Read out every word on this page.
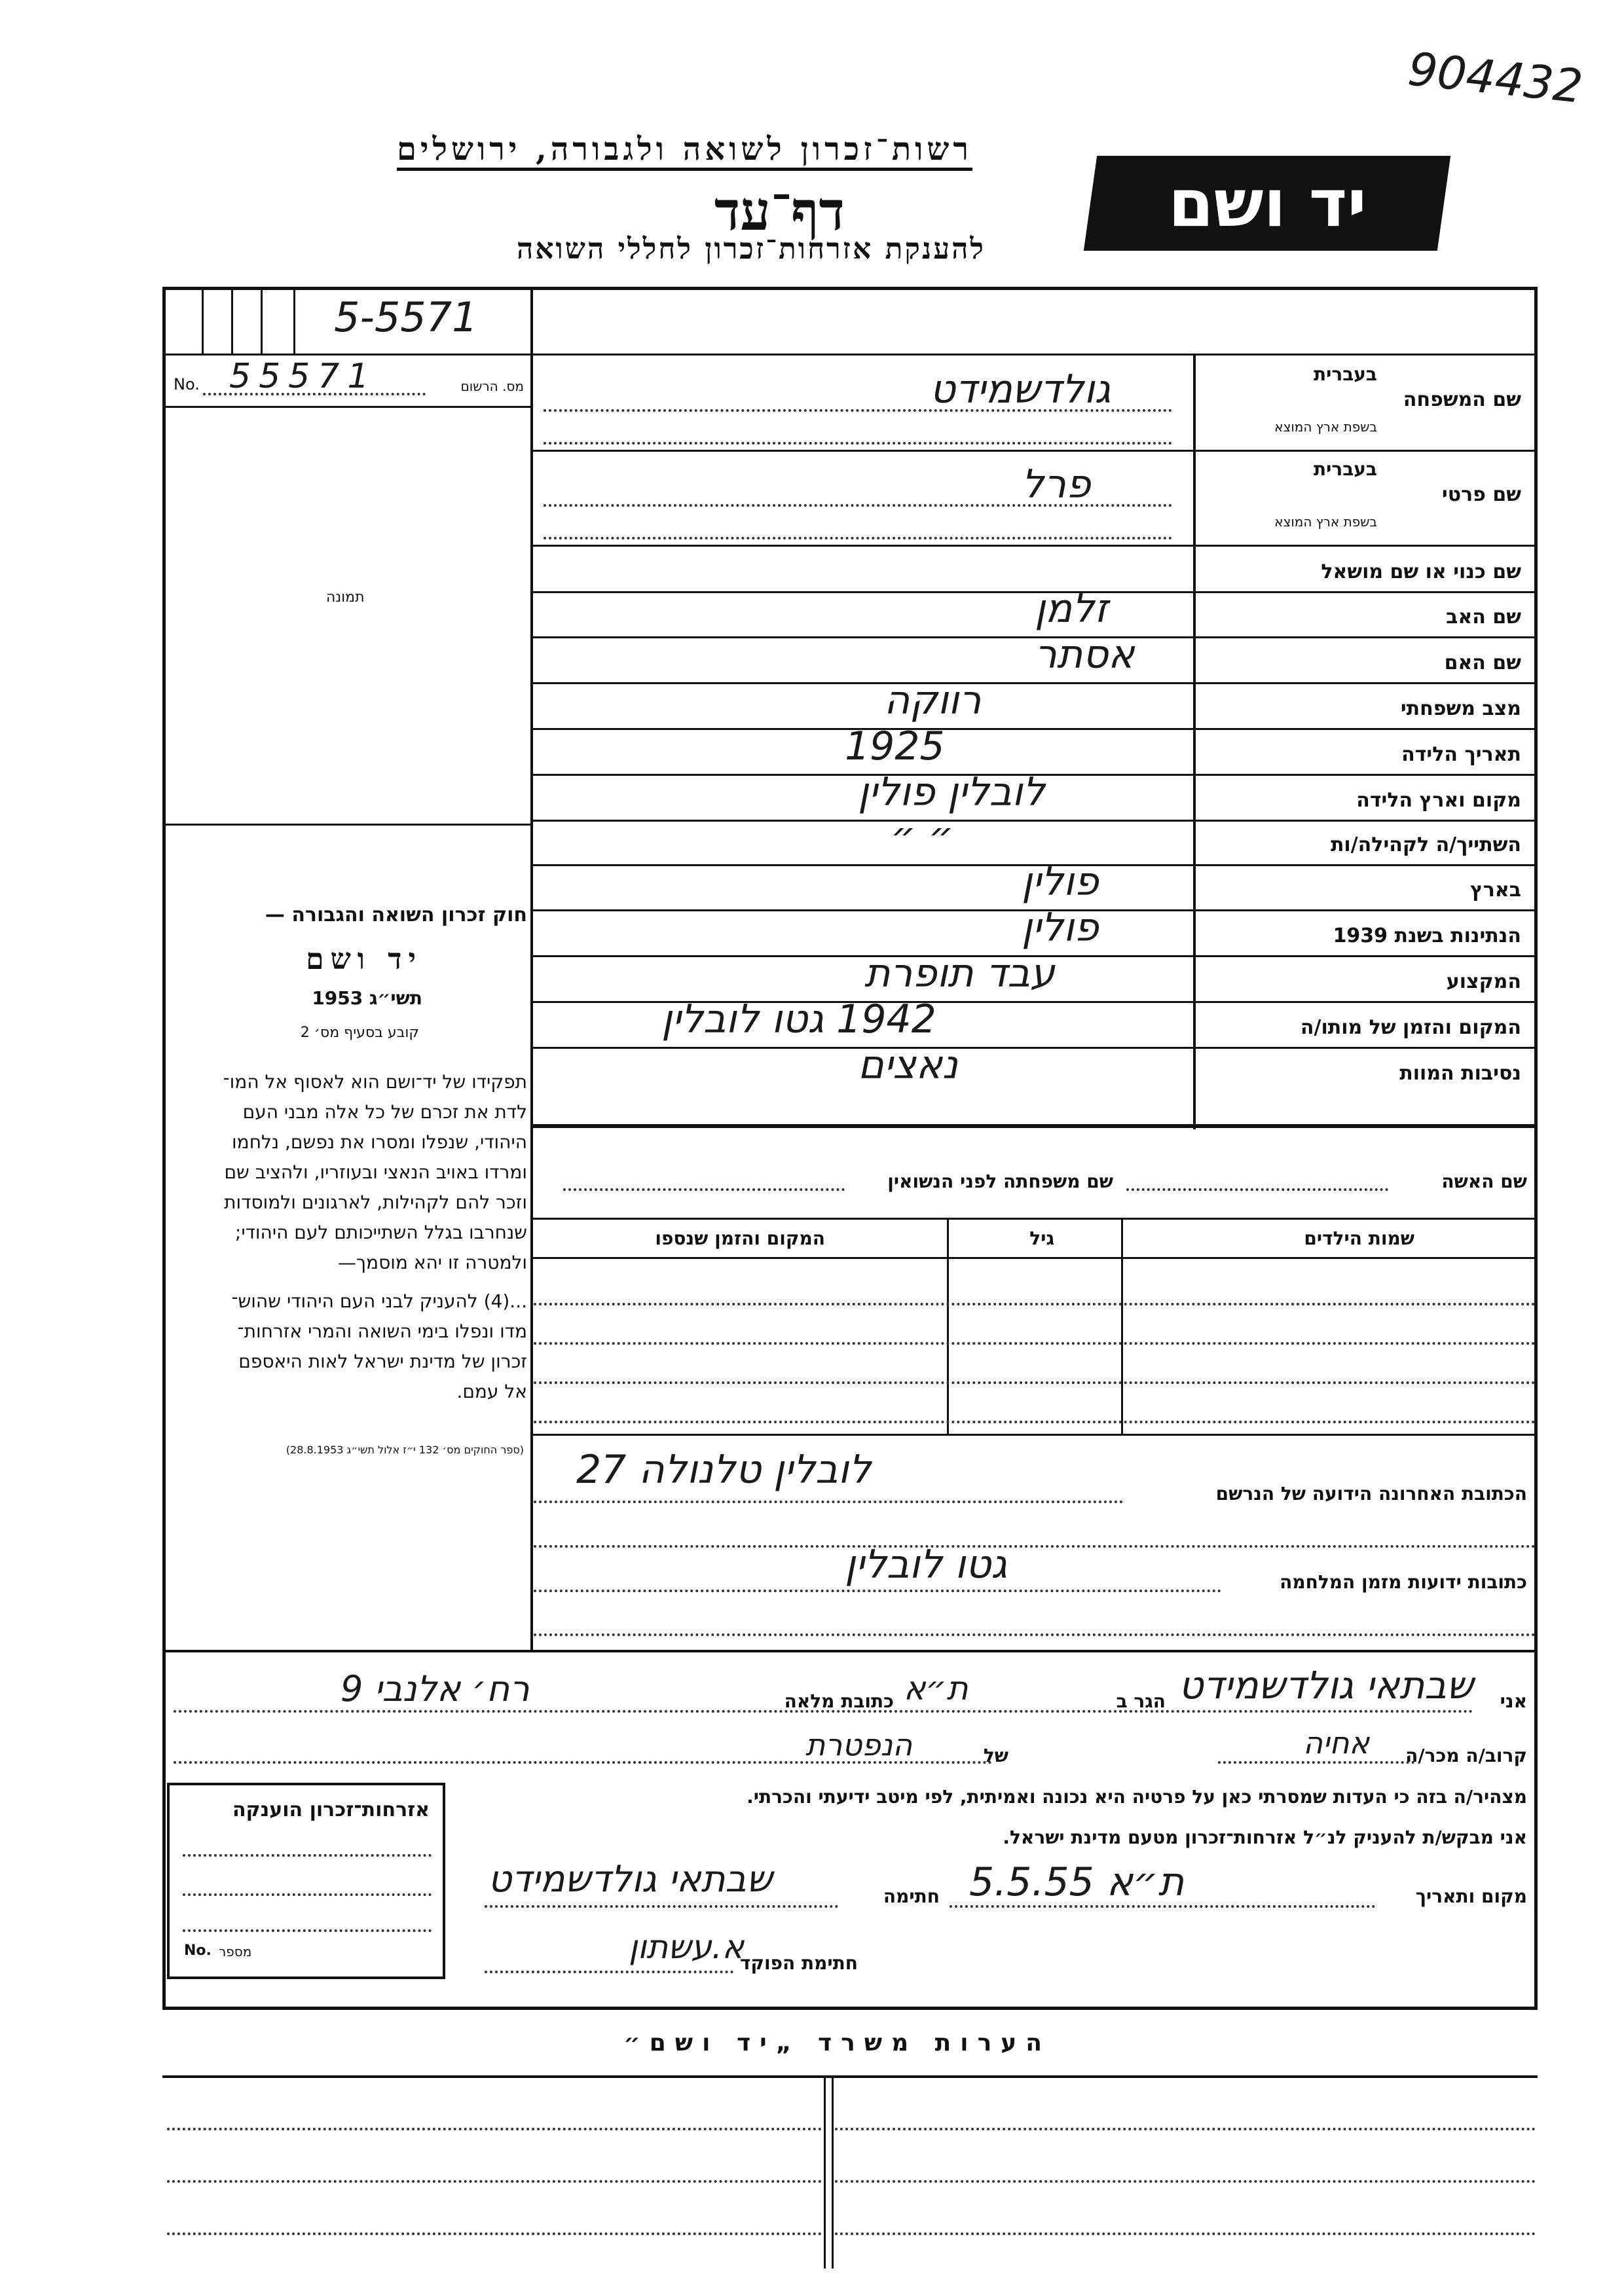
904432
רשות־זכרון לשואה ולגבורה, ירושלים
דף־עד
להענקת אזרחות־זכרון לחללי השואה
יד ושם
5-5571
No. 55571	מס. הרשום
תמונה
חוק זכרון השואה והגבורה —
יד ושם
תשי״ג 1953
קובע בסעיף מס׳ 2
תפקידו של יד־ושם הוא לאסוף אל המו־
לדת את זכרם של כל אלה מבני העם
היהודי, שנפלו ומסרו את נפשם, נלחמו
ומרדו באויב הנאצי ובעוזריו, ולהציב שם
וזכר להם לקהילות, לארגונים ולמוסדות
שנחרבו בגלל השתייכותם לעם היהודי;
ולמטרה זו יהא מוסמך—
...(4) להעניק לבני העם היהודי שהוש־
מדו ונפלו בימי השואה והמרי אזרחות־
זכרון של מדינת ישראל לאות היאספם
אל עמם.
(ספר החוקים מס׳ 132 י״ז אלול תשי״ג 28.8.1953)
שם המשפחה
בעברית
בשפת ארץ המוצא
גולדשמידט
שם פרטי
בעברית
בשפת ארץ המוצא
פרל
שם כנוי או שם מושאל
שם האב
זלמן
שם האם
אסתר
מצב משפחתי
רווקה
תאריך הלידה
1925
מקום וארץ הלידה
לובלין פולין
השתייך/ה לקהילה/ות
״ ״
בארץ
פולין
הנתינות בשנת 1939
פולין
המקצוע
עבד תופרת
המקום והזמן של מותו/ה
1942 גטו לובלין
נסיבות המוות
נאצים
שם האשה
שם משפחתה לפני הנשואין
שמות הילדים
גיל
המקום והזמן שנספו
הכתובת האחרונה הידועה של הנרשם
לובלין טלנולה 27
כתובות ידועות מזמן המלחמה
גטו לובלין
אני
שבתאי גולדשמידט
הגר ב
ת״א
כתובת מלאה
רח׳ אלנבי 9
קרוב/ה מכר/ה
אחיה
של
הנפטרת
מצהיר/ה בזה כי העדות שמסרתי כאן על פרטיה היא נכונה ואמיתית, לפי מיטב ידיעתי והכרתי.
אני מבקש/ת להעניק לנ״ל אזרחות־זכרון מטעם מדינת ישראל.
מקום ותאריך
ת״א 5.5.55
חתימה
שבתאי גולדשמידט
חתימת הפוקד
א.עשתון
אזרחות־זכרון הוענקה
No. מספר
הערות משרד „יד ושם״
